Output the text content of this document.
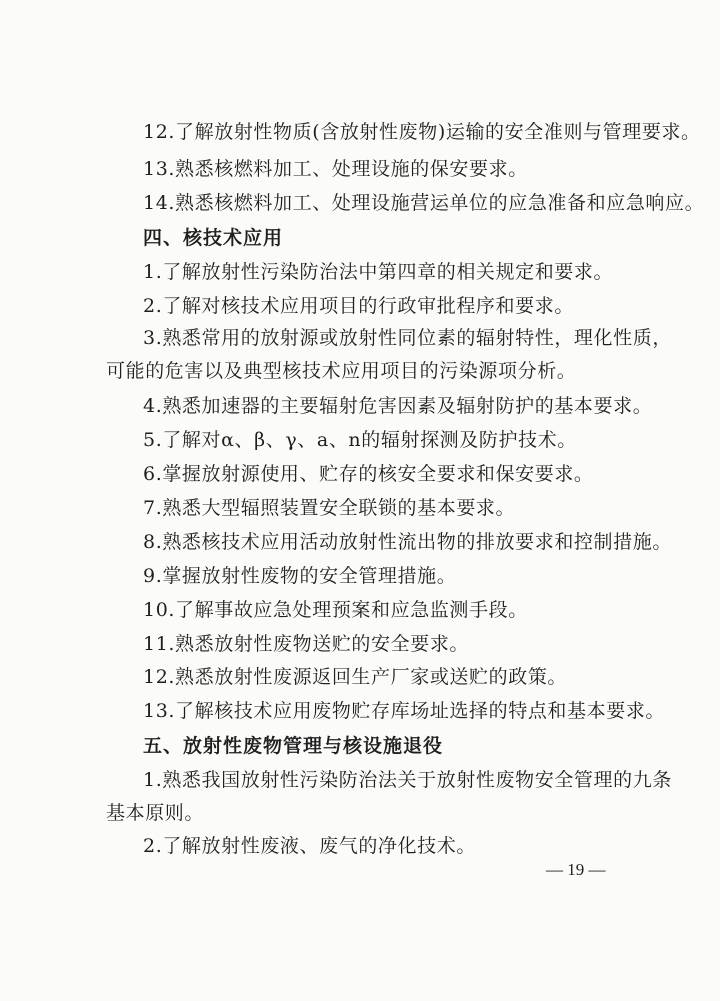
12.了解放射性物质(含放射性废物)运输的安全准则与管理要求。
13.熟悉核燃料加工、处理设施的保安要求。
14.熟悉核燃料加工、处理设施营运单位的应急准备和应急响应。
四、核技术应用
1.了解放射性污染防治法中第四章的相关规定和要求。
2.了解对核技术应用项目的行政审批程序和要求。
3.熟悉常用的放射源或放射性同位素的辐射特性，理化性质，
可能的危害以及典型核技术应用项目的污染源项分析。
4.熟悉加速器的主要辐射危害因素及辐射防护的基本要求。
5.了解对α、β、γ、a、n的辐射探测及防护技术。
6.掌握放射源使用、贮存的核安全要求和保安要求。
7.熟悉大型辐照装置安全联锁的基本要求。
8.熟悉核技术应用活动放射性流出物的排放要求和控制措施。
9.掌握放射性废物的安全管理措施。
10.了解事故应急处理预案和应急监测手段。
11.熟悉放射性废物送贮的安全要求。
12.熟悉放射性废源返回生产厂家或送贮的政策。
13.了解核技术应用废物贮存库场址选择的特点和基本要求。
五、放射性废物管理与核设施退役
1.熟悉我国放射性污染防治法关于放射性废物安全管理的九条
基本原则。
2.了解放射性废液、废气的净化技术。
— 19 —
